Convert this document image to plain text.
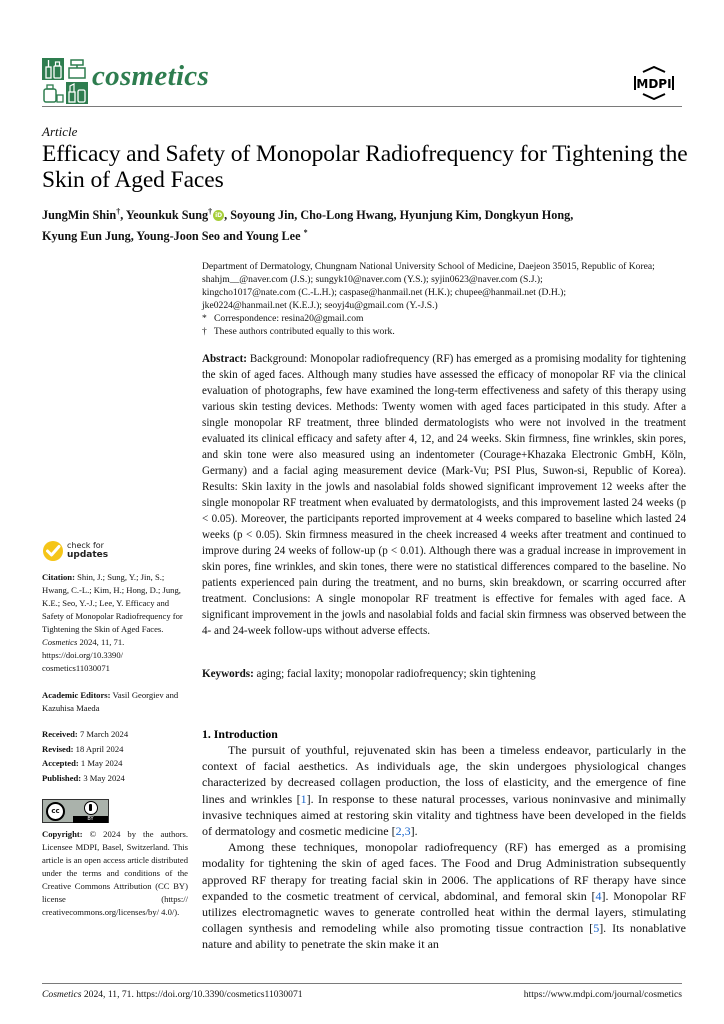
cosmetics	MDPI
Article
Efficacy and Safety of Monopolar Radiofrequency for Tightening the Skin of Aged Faces
JungMin Shin†, Yeounkuk Sung† iD , Soyoung Jin, Cho-Long Hwang, Hyunjung Kim, Dongkyun Hong,
Kyung Eun Jung, Young-Joon Seo and Young Lee *
Department of Dermatology, Chungnam National University School of Medicine, Daejeon 35015, Republic of Korea;
shahjm__@naver.com (J.S.); sungyk10@naver.com (Y.S.); syjin0623@naver.com (S.J.);
kingcho1017@nate.com (C.-L.H.); caspase@hanmail.net (H.K.); chupee@hanmail.net (D.H.);
jke0224@hanmail.net (K.E.J.); seoyj4u@gmail.com (Y.-J.S.)
*   Correspondence: resina20@gmail.com
†   These authors contributed equally to this work.
Abstract: Background: Monopolar radiofrequency (RF) has emerged as a promising modality for tightening the skin of aged faces. Although many studies have assessed the efficacy of monopolar RF via the clinical evaluation of photographs, few have examined the long-term effectiveness and safety of this therapy using various skin testing devices. Methods: Twenty women with aged faces participated in this study. After a single monopolar RF treatment, three blinded dermatologists who were not involved in the treatment evaluated its clinical efficacy and safety after 4, 12, and 24 weeks. Skin firmness, fine wrinkles, skin pores, and skin tone were also measured using an indentometer (Courage+Khazaka Electronic GmbH, Köln, Germany) and a facial aging measurement device (Mark-Vu; PSI Plus, Suwon-si, Republic of Korea). Results: Skin laxity in the jowls and nasolabial folds showed significant improvement 12 weeks after the single monopolar RF treatment when evaluated by dermatologists, and this improvement lasted 24 weeks (p < 0.05). Moreover, the participants reported improvement at 4 weeks compared to baseline which lasted 24 weeks (p < 0.05). Skin firmness measured in the cheek increased 4 weeks after treatment and continued to improve during 24 weeks of follow-up (p < 0.01). Although there was a gradual increase in improvement in skin pores, fine wrinkles, and skin tones, there were no statistical differences compared to the baseline. No patients experienced pain during the treatment, and no burns, skin breakdown, or scarring occurred after treatment. Conclusions: A single monopolar RF treatment is effective for females with aged face. A significant improvement in the jowls and nasolabial folds and facial skin firmness was observed between the 4- and 24-week follow-ups without adverse effects.
Keywords: aging; facial laxity; monopolar radiofrequency; skin tightening
check for
updates
Citation: Shin, J.; Sung, Y.; Jin, S.; Hwang, C.-L.; Kim, H.; Hong, D.; Jung, K.E.; Seo, Y.-J.; Lee, Y. Efficacy and Safety of Monopolar Radiofrequency for Tightening the Skin of Aged Faces. Cosmetics 2024, 11, 71. https://doi.org/10.3390/ cosmetics11030071
Academic Editors: Vasil Georgiev and Kazuhisa Maeda
Received: 7 March 2024
Revised: 18 April 2024
Accepted: 1 May 2024
Published: 3 May 2024
cc
BY
Copyright: © 2024 by the authors. Licensee MDPI, Basel, Switzerland. This article is an open access article distributed under the terms and conditions of the Creative Commons Attribution (CC BY) license (https:// creativecommons.org/licenses/by/ 4.0/).
1. Introduction

The pursuit of youthful, rejuvenated skin has been a timeless endeavor, particularly in the context of facial aesthetics. As individuals age, the skin undergoes physiological changes characterized by decreased collagen production, the loss of elasticity, and the emergence of fine lines and wrinkles [1]. In response to these natural processes, various noninvasive and minimally invasive techniques aimed at restoring skin vitality and tightness have been developed in the fields of dermatology and cosmetic medicine [2,3].

Among these techniques, monopolar radiofrequency (RF) has emerged as a promising modality for tightening the skin of aged faces. The Food and Drug Administration subsequently approved RF therapy for treating facial skin in 2006. The applications of RF therapy have since expanded to the cosmetic treatment of cervical, abdominal, and femoral skin [4]. Monopolar RF utilizes electromagnetic waves to generate controlled heat within the dermal layers, stimulating collagen synthesis and remodeling while also promoting tissue contraction [5]. Its nonablative nature and ability to penetrate the skin make it an

Cosmetics 2024, 11, 71. https://doi.org/10.3390/cosmetics11030071	https://www.mdpi.com/journal/cosmetics
